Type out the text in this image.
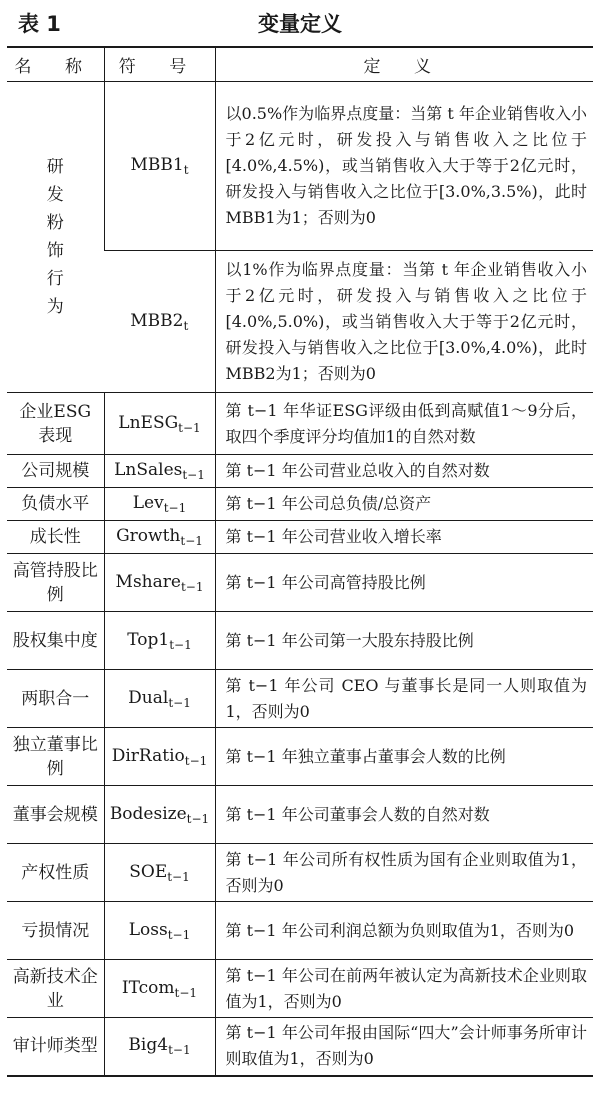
表 1	变量定义
名 称	符 号	定 义
研发粉饰行为	$MBB1_t$	以0.5%作为临界点度量：当第 t 年企业销售收入小于2亿元时，研发投入与销售收入之比位于[4.0%,4.5%)，或当销售收入大于等于2亿元时，研发投入与销售收入之比位于[3.0%,3.5%)，此时MBB1为1；否则为0
	$MBB2_t$	以1%作为临界点度量：当第 t 年企业销售收入小于2亿元时，研发投入与销售收入之比位于[4.0%,5.0%)，或当销售收入大于等于2亿元时，研发投入与销售收入之比位于[3.0%,4.0%)，此时MBB2为1；否则为0
企业ESG表现	LnESG$_{t-1}$	第 t−1 年华证ESG评级由低到高赋值1～9分后，取四个季度评分均值加1的自然对数
公司规模	LnSales$_{t-1}$	第 t−1 年公司营业总收入的自然对数
负债水平	Lev$_{t-1}$	第 t−1 年公司总负债/总资产
成长性	Growth$_{t-1}$	第 t−1 年公司营业收入增长率
高管持股比例	Mshare$_{t-1}$	第 t−1 年公司高管持股比例
股权集中度	$Top1_{t-1}$	第 t−1 年公司第一大股东持股比例
两职合一	Dual$_{t-1}$	第 t−1 年公司 CEO 与董事长是同一人则取值为1，否则为0
独立董事比例	DirRatio$_{t-1}$	第 t−1 年独立董事占董事会人数的比例
董事会规模	Bodesize$_{t-1}$	第 t−1 年公司董事会人数的自然对数
产权性质	$SOE_{t-1}$	第 t−1 年公司所有权性质为国有企业则取值为1，否则为0
亏损情况	Loss$_{t-1}$	第 t−1 年公司利润总额为负则取值为1，否则为0
高新技术企业	ITcom$_{t-1}$	第 t−1 年公司在前两年被认定为高新技术企业则取值为1，否则为0
审计师类型	$Big4_{t-1}$	第 t−1 年公司年报由国际“四大”会计师事务所审计则取值为1，否则为0
